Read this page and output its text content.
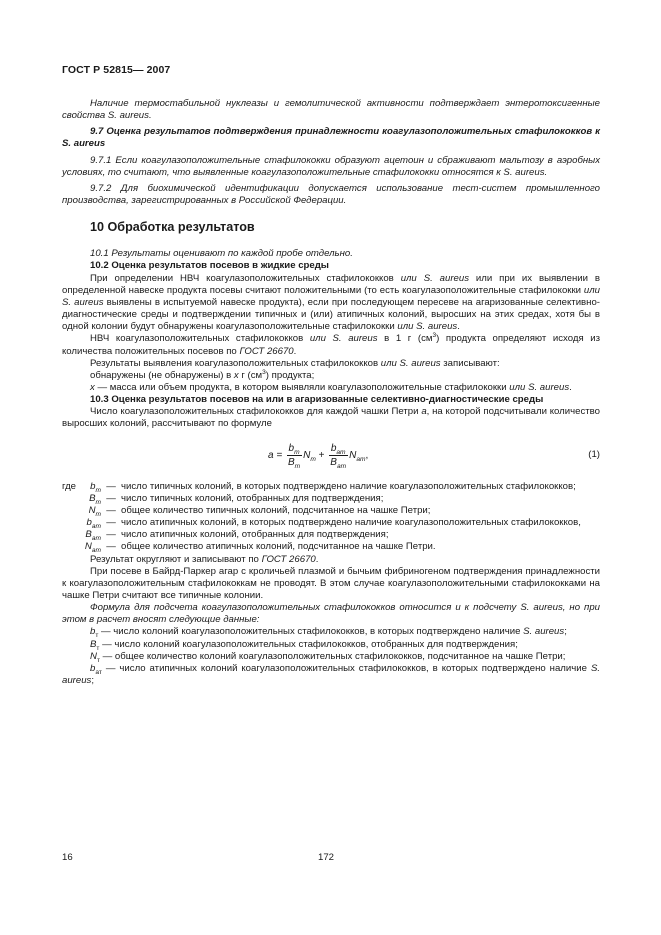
ГОСТ Р 52815— 2007

Наличие термостабильной нуклеазы и гемолитической активности подтверждает энтеротоксигенные свойства S. aureus.

9.7 Оценка результатов подтверждения принадлежности коагулазоположительных стафилококков к S. aureus

9.7.1 Если коагулазоположительные стафилококки образуют ацетоин и сбраживают мальтозу в аэробных условиях, то считают, что выявленные коагулазоположительные стафилококки относятся к S. aureus.

9.7.2 Для биохимической идентификации допускается использование тест-систем промышленного производства, зарегистрированных в Российской Федерации.

10 Обработка результатов

10.1 Результаты оценивают по каждой пробе отдельно.

10.2 Оценка результатов посевов в жидкие среды

При определении НВЧ коагулазоположительных стафилококков или S. aureus или при их выявлении в определенной навеске продукта посевы считают положительными (то есть коагулазоположительные стафилококки или S. aureus выявлены в испытуемой навеске продукта), если при последующем пересеве на агаризованные селективно-диагностические среды и подтверждении типичных и (или) атипичных колоний, выросших на этих средах, хотя бы в одной колонии будут обнаружены коагулазоположительные стафилококки или S. aureus.

НВЧ коагулазоположительных стафилококков или S. aureus в 1 г $(см^3)$ продукта определяют исходя из количества положительных посевов по ГОСТ 26670.

Результаты выявления коагулазоположительных стафилококков или S. aureus записывают:

обнаружены (не обнаружены) в х г $(см^3)$ продукта;

х — масса или объем продукта, в котором выявляли коагулазоположительные стафилококки или S. aureus.

10.3 Оценка результатов посевов на или в агаризованные селективно-диагностические среды

Число коагулазоположительных стафилококков для каждой чашки Петри а, на которой подсчитывали количество выросших колоний, рассчитывают по формуле

a =
$\frac{b_т}{B_т} N_т$
+
$\frac{b_{ат}}{B_{ат}} N_{ат}$ ,	(1)
где	$b_т$	—	число типичных колоний, в которых подтверждено наличие коагулазоположительных стафилококков;
	$B_т$	—	число типичных колоний, отобранных для подтверждения;
	$N_т$	—	общее количество типичных колоний, подсчитанное на чашке Петри;
	$b_{ат}$	—	число атипичных колоний, в которых подтверждено наличие коагулазоположительных стафилококков,
	$B_{ат}$	—	число атипичных колоний, отобранных для подтверждения;
	$N_{ат}$	—	общее количество атипичных колоний, подсчитанное на чашке Петри.

Результат округляют и записывают по ГОСТ 26670.

При посеве в Байрд-Паркер агар с кроличьей плазмой и бычьим фибриногеном подтверждения принадлежности к коагулазоположительным стафилококкам не проводят. В этом случае коагулазоположительными стафилококками на чашке Петри считают все типичные колонии.

Формула для подсчета коагулазоположительных стафилококков относится и к подсчету S. aureus, но при этом в расчет вносят следующие данные:

$b_т$ — число колоний коагулазоположительных стафилококков, в которых подтверждено наличие S. aureus;

$B_т$ — число колоний коагулазоположительных стафилококков, отобранных для подтверждения;

$N_т$ — общее количество колоний коагулазоположительных стафилококков, подсчитанное на чашке Петри;

$b_{ат}$ — число атипичных колоний коагулазоположительных стафилококков, в которых подтверждено наличие S. aureus;

16	172
